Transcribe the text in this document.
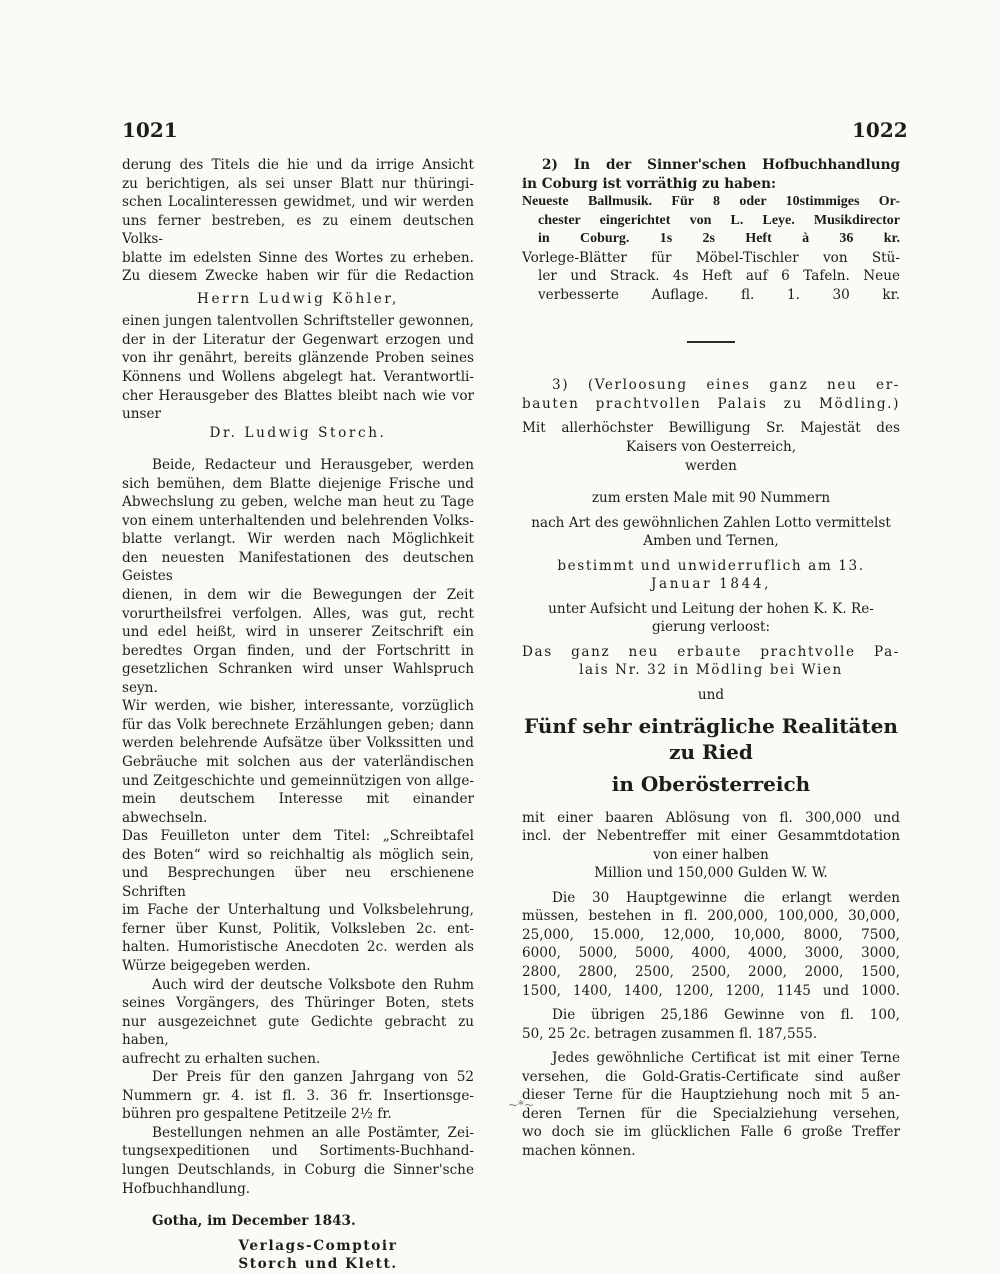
1021	1022

derung des Titels die hie und da irrige Ansicht

zu berichtigen, als sei unser Blatt nur thüringi-

schen Localinteressen gewidmet, und wir werden

uns ferner bestreben, es zu einem deutschen Volks-

blatte im edelsten Sinne des Wortes zu erheben.

Zu diesem Zwecke haben wir für die Redaction

Herrn Ludwig Köhler,

einen jungen talentvollen Schriftsteller gewonnen,

der in der Literatur der Gegenwart erzogen und

von ihr genährt, bereits glänzende Proben seines

Könnens und Wollens abgelegt hat. Verantwortli-

cher Herausgeber des Blattes bleibt nach wie vor unser

Dr. Ludwig Storch.

Beide, Redacteur und Herausgeber, werden

sich bemühen, dem Blatte diejenige Frische und

Abwechslung zu geben, welche man heut zu Tage

von einem unterhaltenden und belehrenden Volks-

blatte verlangt. Wir werden nach Möglichkeit

den neuesten Manifestationen des deutschen Geistes

dienen, in dem wir die Bewegungen der Zeit

vorurtheilsfrei verfolgen. Alles, was gut, recht

und edel heißt, wird in unserer Zeitschrift ein

beredtes Organ finden, und der Fortschritt in

gesetzlichen Schranken wird unser Wahlspruch seyn.

Wir werden, wie bisher, interessante, vorzüglich

für das Volk berechnete Erzählungen geben; dann

werden belehrende Aufsätze über Volkssitten und

Gebräuche mit solchen aus der vaterländischen

und Zeitgeschichte und gemeinnützigen von allge-

mein deutschem Interesse mit einander abwechseln.

Das Feuilleton unter dem Titel: „Schreibtafel

des Boten“ wird so reichhaltig als möglich sein,

und Besprechungen über neu erschienene Schriften

im Fache der Unterhaltung und Volksbelehrung,

ferner über Kunst, Politik, Volksleben 2c. ent-

halten. Humoristische Anecdoten 2c. werden als

Würze beigegeben werden.

Auch wird der deutsche Volksbote den Ruhm

seines Vorgängers, des Thüringer Boten, stets

nur ausgezeichnet gute Gedichte gebracht zu haben,

aufrecht zu erhalten suchen.

Der Preis für den ganzen Jahrgang von 52

Nummern gr. 4. ist fl. 3. 36 fr. Insertionsge-

bühren pro gespaltene Petitzeile 2½ fr.

Bestellungen nehmen an alle Postämter, Zei-

tungsexpeditionen und Sortiments-Buchhand-

lungen Deutschlands, in Coburg die Sinner'sche

Hofbuchhandlung.

Gotha, im December 1843.

Verlags-Comptoir

Storch und Klett.

2) In der Sinner'schen Hofbuchhandlung

in Coburg ist vorräthig zu haben:

Neueste Ballmusik. Für 8 oder 10stimmiges Or-

chester eingerichtet von L. Leye. Musikdirector

in Coburg. 1s 2s Heft à 36 kr.

Vorlege-Blätter für Möbel-Tischler von Stü-

ler und Strack. 4s Heft auf 6 Tafeln. Neue

verbesserte Auflage. fl. 1. 30 kr.

3) (Verloosung eines ganz neu er-

bauten prachtvollen Palais zu Mödling.)

Mit allerhöchster Bewilligung Sr. Majestät des

Kaisers von Oesterreich,

werden

zum ersten Male mit 90 Nummern

nach Art des gewöhnlichen Zahlen Lotto vermittelst

Amben und Ternen,

bestimmt und unwiderruflich am 13.

Januar 1844,

unter Aufsicht und Leitung der hohen K. K. Re-

gierung verloost:

Das ganz neu erbaute prachtvolle Pa-

lais Nr. 32 in Mödling bei Wien

und

Fünf sehr einträgliche Realitäten zu Ried

in Oberösterreich

mit einer baaren Ablösung von fl. 300,000 und

incl. der Nebentreffer mit einer Gesammtdotation

von einer halben

Million und 150,000 Gulden W. W.

Die 30 Hauptgewinne die erlangt werden

müssen, bestehen in fl. 200,000, 100,000, 30,000,

25,000, 15.000, 12,000, 10,000, 8000, 7500,

6000, 5000, 5000, 4000, 4000, 3000, 3000,

2800, 2800, 2500, 2500, 2000, 2000, 1500,

1500, 1400, 1400, 1200, 1200, 1145 und 1000.

Die übrigen 25,186 Gewinne von fl. 100,

50, 25 2c. betragen zusammen fl. 187,555.

Jedes gewöhnliche Certificat ist mit einer Terne

versehen, die Gold-Gratis-Certificate sind außer

dieser Terne für die Hauptziehung noch mit 5 an-

deren Ternen für die Specialziehung versehen,

wo doch sie im glücklichen Falle 6 große Treffer

machen können.

~*~
